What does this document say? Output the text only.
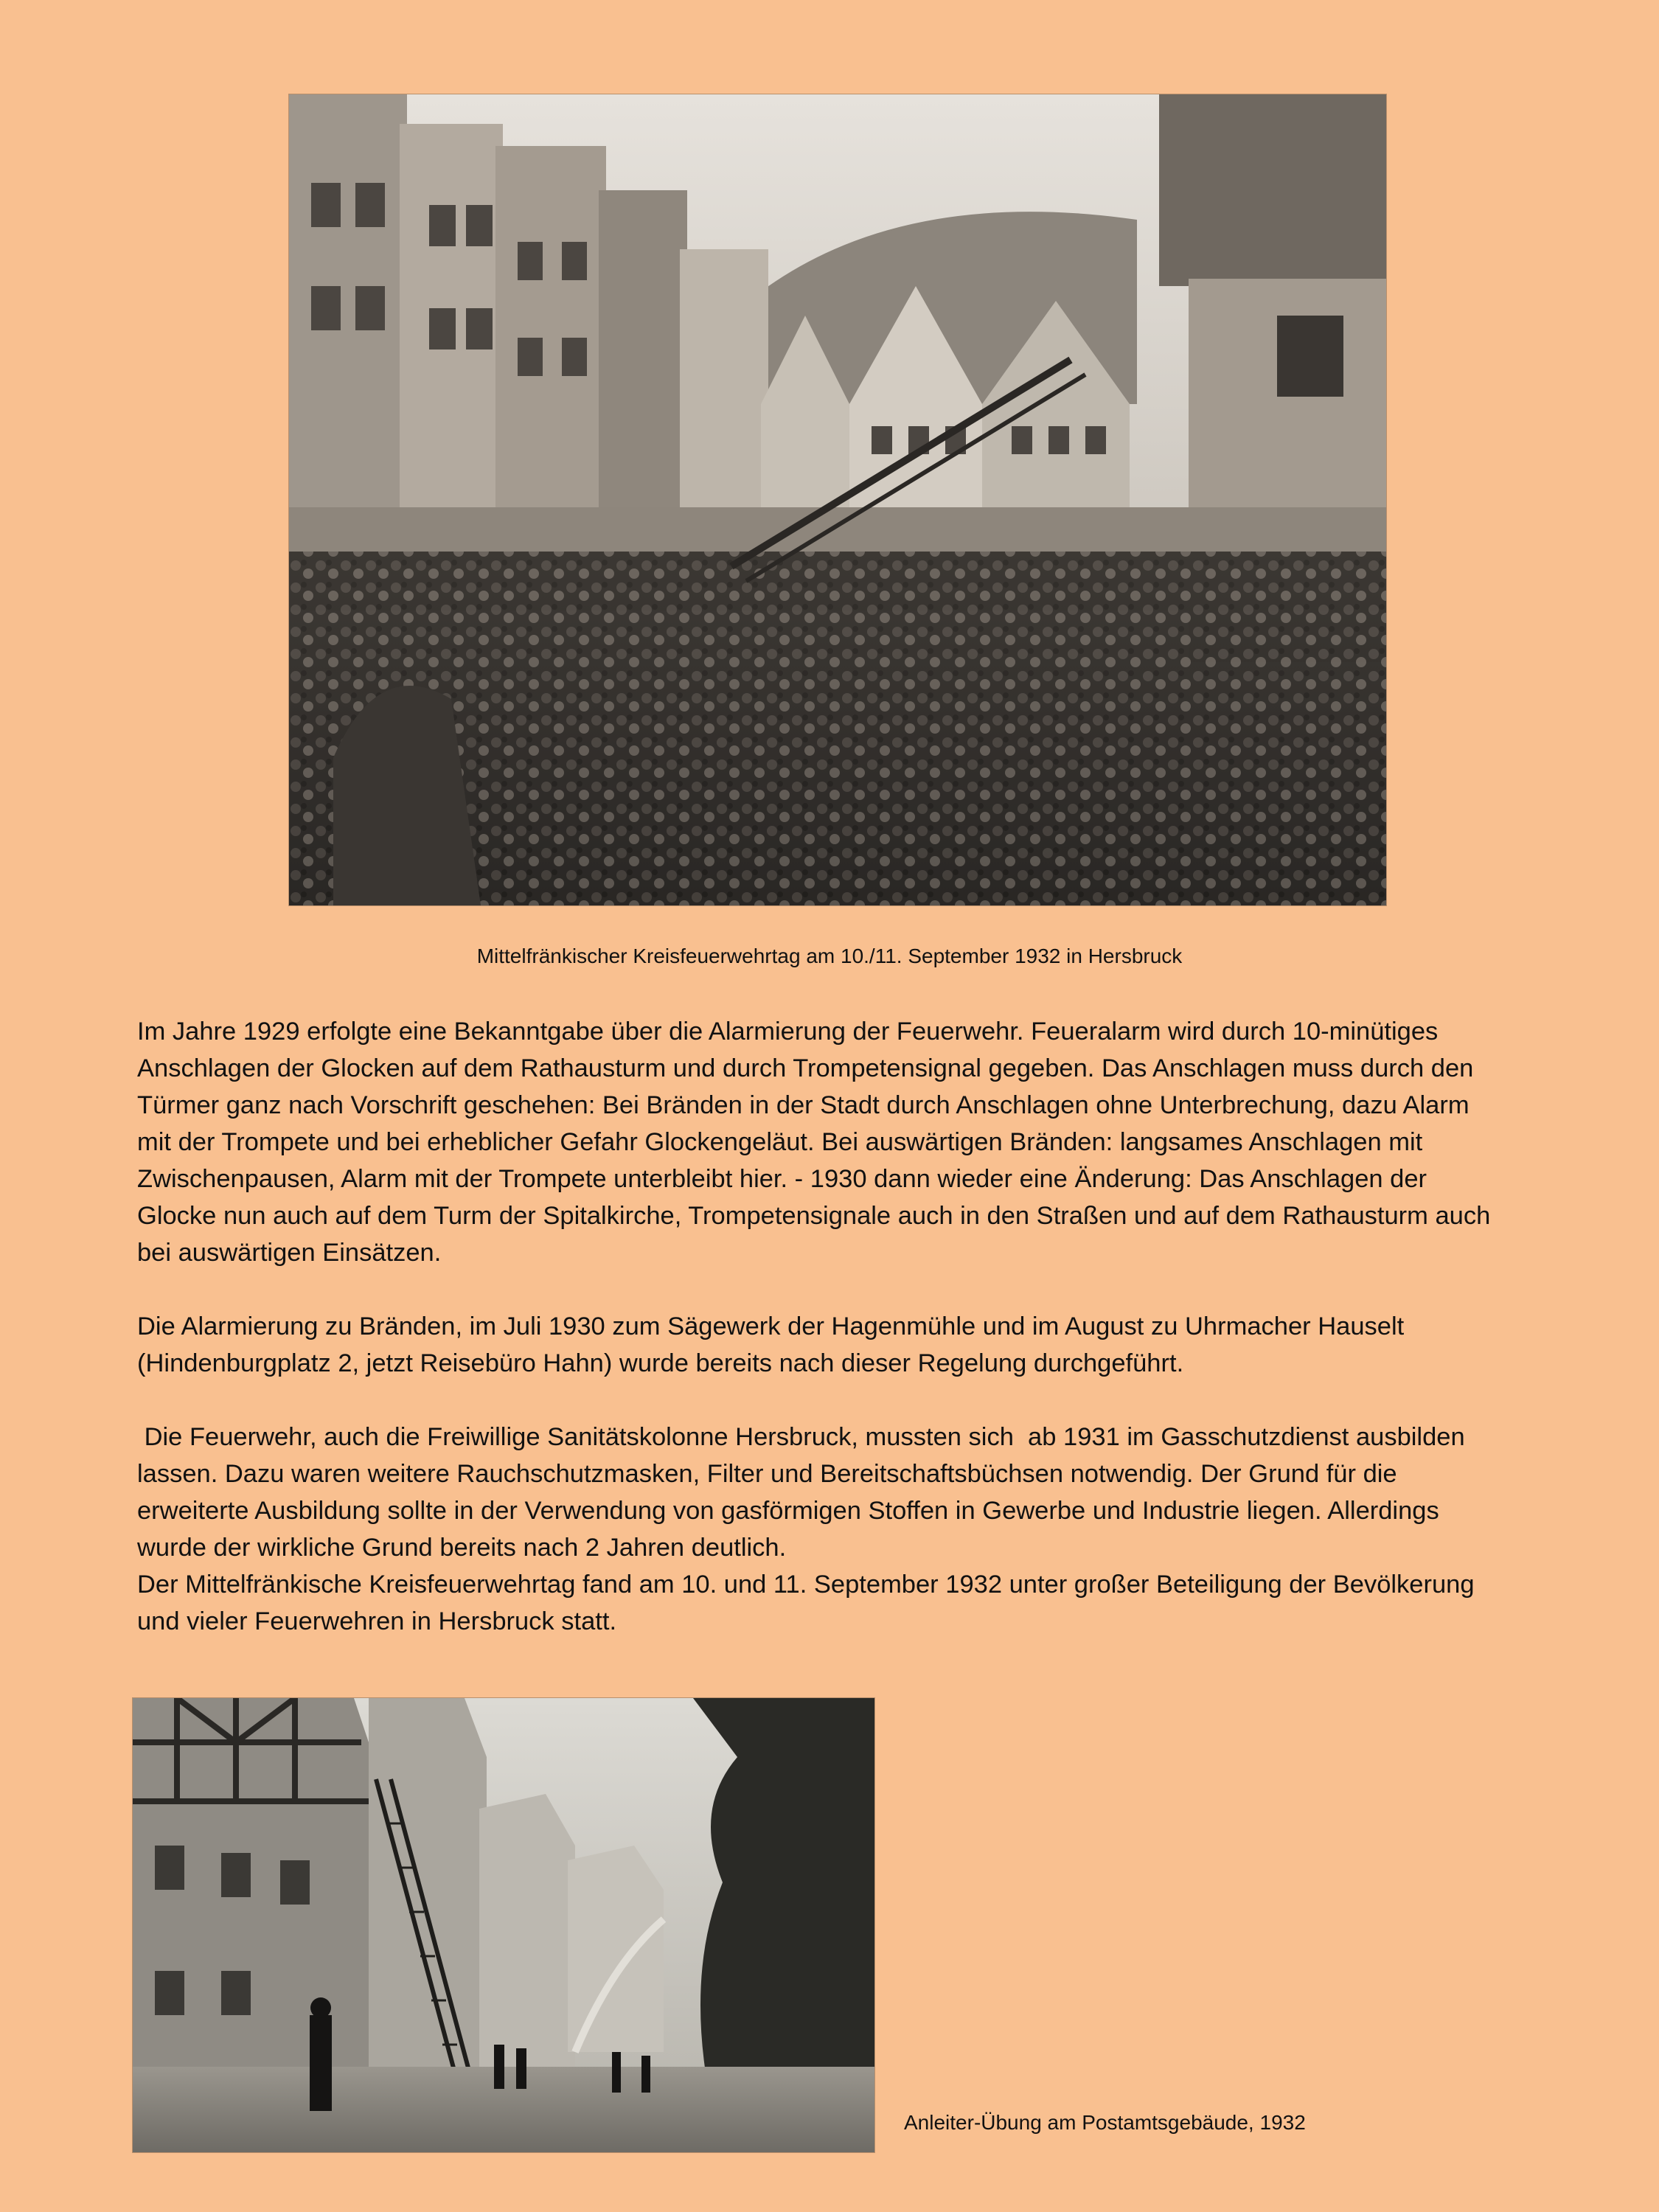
Mittelfränkischer Kreisfeuerwehrtag am 10./11. September 1932 in Hersbruck

Im Jahre 1929 erfolgte eine Bekanntgabe über die Alarmierung der Feuerwehr. Feueralarm wird durch 10-minütiges  Anschlagen der Glocken auf dem Rathausturm und durch Trompetensignal gegeben. Das Anschlagen muss durch den Türmer ganz nach Vorschrift geschehen: Bei Bränden in der Stadt durch Anschlagen ohne Unterbrechung, dazu Alarm mit der Trompete und bei erheblicher Gefahr Glockengeläut. Bei auswärtigen Bränden: langsames Anschlagen mit Zwischenpausen, Alarm mit der Trompete unterbleibt hier. - 1930 dann wieder eine Änderung: Das Anschlagen der Glocke nun auch auf dem Turm der Spitalkirche, Trompetensignale auch in den Straßen und auf dem Rathausturm auch bei auswärtigen Einsätzen.

Die Alarmierung zu Bränden, im Juli 1930 zum Sägewerk der Hagenmühle und im August zu Uhrmacher Hauselt (Hindenburgplatz 2, jetzt Reisebüro Hahn) wurde bereits nach dieser Regelung durchgeführt.

Die Feuerwehr, auch die Freiwillige Sanitätskolonne Hersbruck, mussten sich  ab 1931 im Gasschutzdienst ausbilden lassen. Dazu waren weitere Rauchschutzmasken, Filter und Bereitschaftsbüchsen notwendig. Der Grund für die erweiterte Ausbildung sollte in der Verwendung von gasförmigen Stoffen in Gewerbe und Industrie liegen. Allerdings wurde der wirkliche Grund bereits nach 2 Jahren deutlich.

Der Mittelfränkische Kreisfeuerwehrtag fand am 10. und 11. September 1932 unter großer Beteiligung der Bevölkerung und vieler Feuerwehren in Hersbruck statt.

Anleiter-Übung am Postamtsgebäude, 1932
